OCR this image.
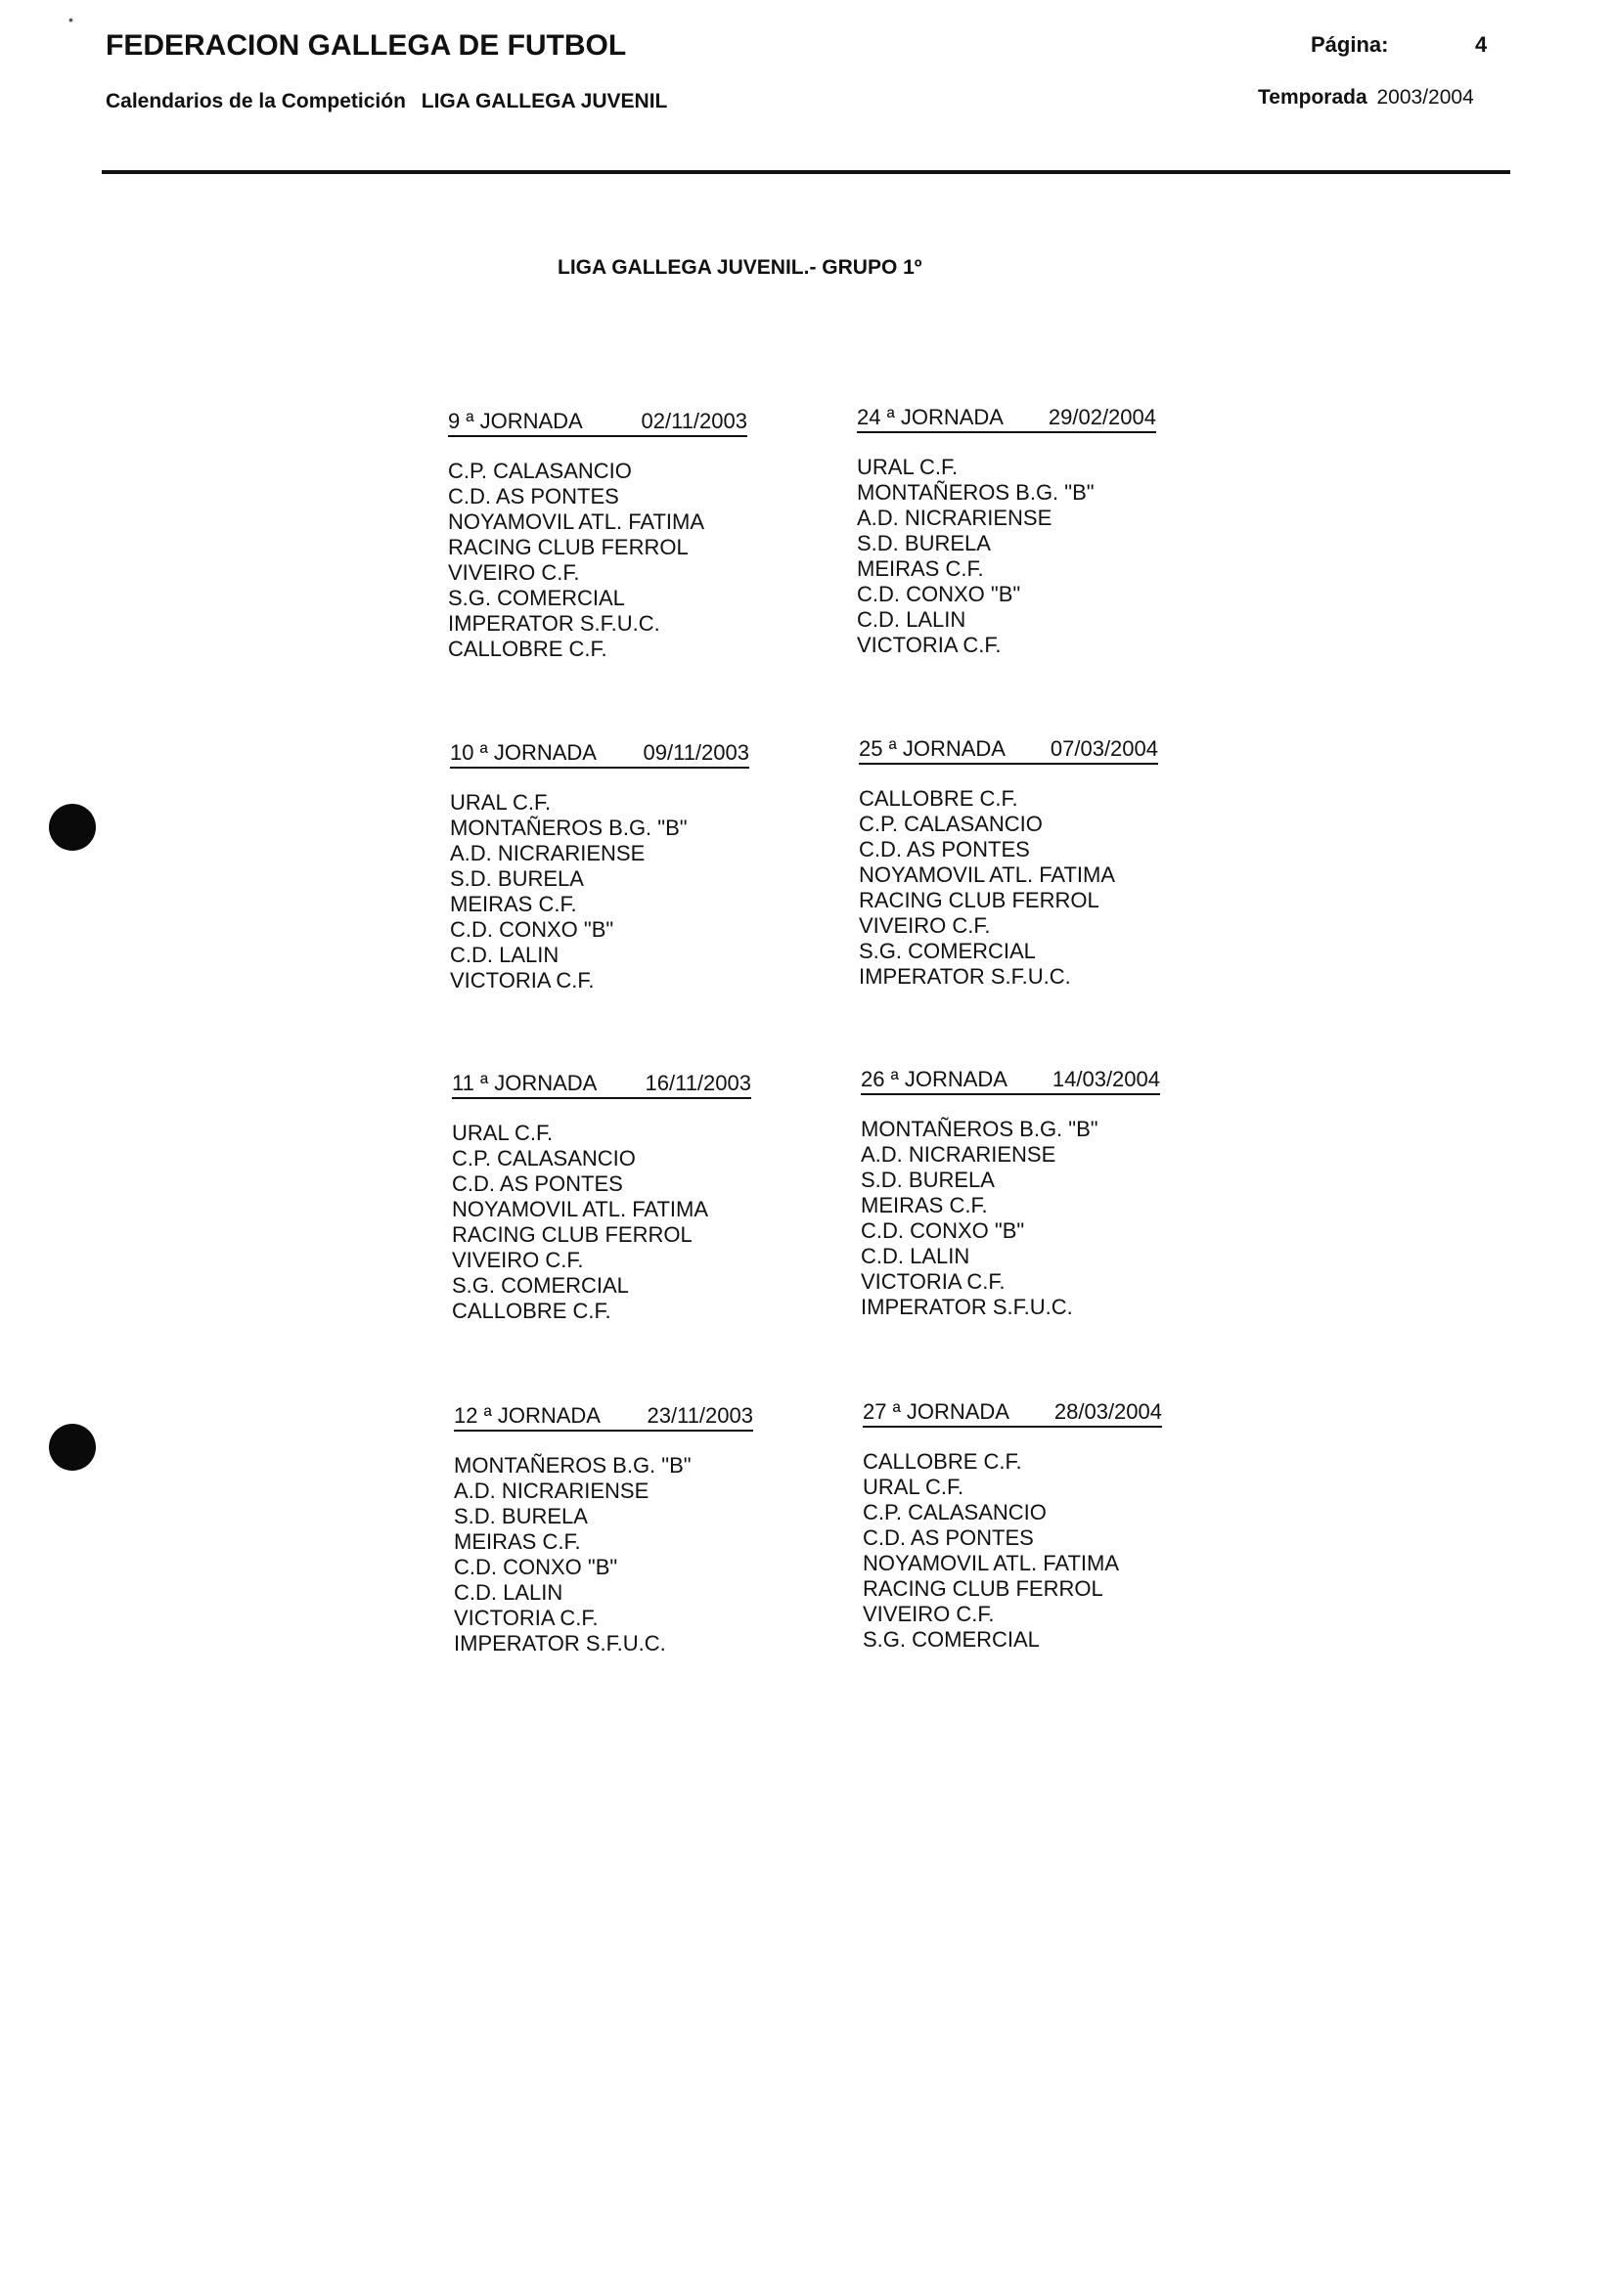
•
FEDERACION GALLEGA DE FUTBOL
Calendarios de la Competición LIGA GALLEGA JUVENIL
Página:	4
Temporada 2003/2004
LIGA GALLEGA JUVENIL.- GRUPO 1º
9 ª JORNADA	02/11/2003
C.P. CALASANCIO
C.D. AS PONTES
NOYAMOVIL ATL. FATIMA
RACING CLUB FERROL
VIVEIRO C.F.
S.G. COMERCIAL
IMPERATOR S.F.U.C.
CALLOBRE C.F.
24 ª JORNADA 29/02/2004
URAL C.F.
MONTAÑEROS B.G. "B"
A.D. NICRARIENSE
S.D. BURELA
MEIRAS C.F.
C.D. CONXO "B"
C.D. LALIN
VICTORIA C.F.
10 ª JORNADA 09/11/2003
URAL C.F.
MONTAÑEROS B.G. "B"
A.D. NICRARIENSE
S.D. BURELA
MEIRAS C.F.
C.D. CONXO "B"
C.D. LALIN
VICTORIA C.F.
25 ª JORNADA 07/03/2004
CALLOBRE C.F.
C.P. CALASANCIO
C.D. AS PONTES
NOYAMOVIL ATL. FATIMA
RACING CLUB FERROL
VIVEIRO C.F.
S.G. COMERCIAL
IMPERATOR S.F.U.C.
11 ª JORNADA 16/11/2003
URAL C.F.
C.P. CALASANCIO
C.D. AS PONTES
NOYAMOVIL ATL. FATIMA
RACING CLUB FERROL
VIVEIRO C.F.
S.G. COMERCIAL
CALLOBRE C.F.
26 ª JORNADA 14/03/2004
MONTAÑEROS B.G. "B"
A.D. NICRARIENSE
S.D. BURELA
MEIRAS C.F.
C.D. CONXO "B"
C.D. LALIN
VICTORIA C.F.
IMPERATOR S.F.U.C.
12 ª JORNADA 23/11/2003
MONTAÑEROS B.G. "B"
A.D. NICRARIENSE
S.D. BURELA
MEIRAS C.F.
C.D. CONXO "B"
C.D. LALIN
VICTORIA C.F.
IMPERATOR S.F.U.C.
27 ª JORNADA 28/03/2004
CALLOBRE C.F.
URAL C.F.
C.P. CALASANCIO
C.D. AS PONTES
NOYAMOVIL ATL. FATIMA
RACING CLUB FERROL
VIVEIRO C.F.
S.G. COMERCIAL
